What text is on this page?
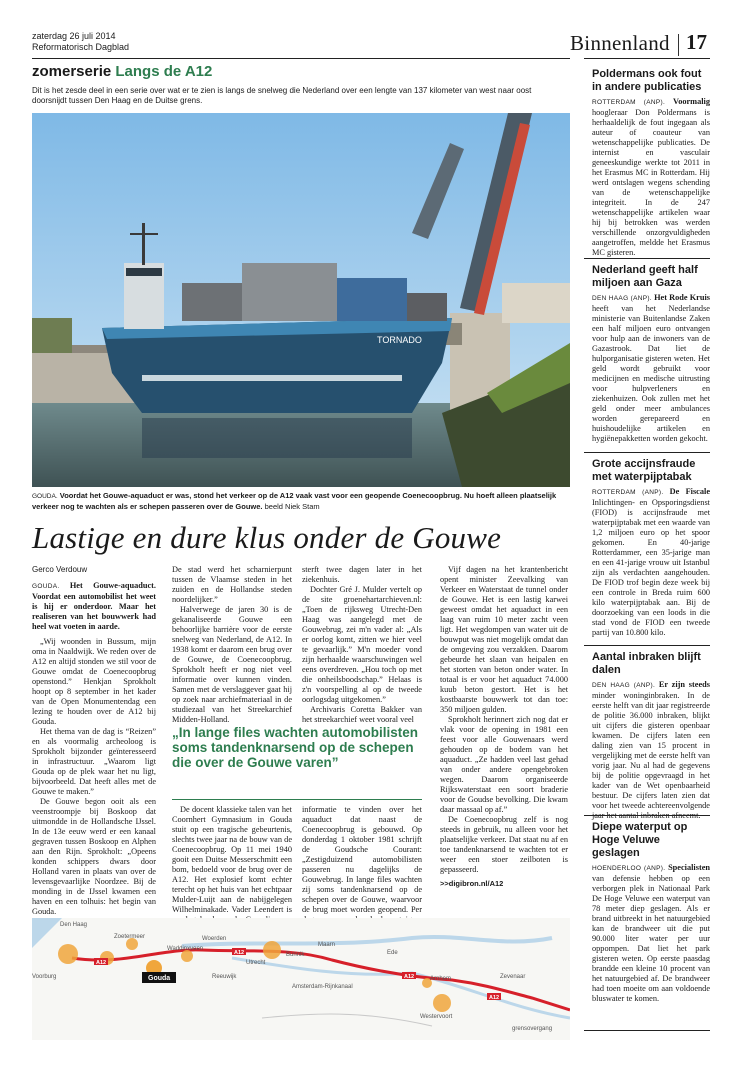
zaterdag 26 juli 2014
Reformatorisch Dagblad	Binnenland 17
zomerserie Langs de A12
Dit is het zesde deel in een serie over wat er te zien is langs de snelweg die Nederland over een lengte van 137 kilometer van west naar oost doorsnijdt tussen Den Haag en de Duitse grens.
TORNADO
GOUDA. Voordat het Gouwe-aquaduct er was, stond het verkeer op de A12 vaak vast voor een geopende Coenecoopbrug. Nu hoeft alleen plaatselijk verkeer nog te wachten als er schepen passeren over de Gouwe. beeld Niek Stam
Lastige en dure klus onder de Gouwe

Gerco Verdouw

GOUDA. Het Gouwe-aquaduct. Voordat een automobilist het weet is hij er onderdoor. Maar het realiseren van het bouwwerk had heel wat voeten in aarde.

„Wij woonden in Bussum, mijn oma in Naaldwijk. We reden over de A12 en altijd stonden we stil voor de Gouwe omdat de Coenecoopbrug openstond.” Henkjan Sprokholt hoopt op 8 september in het kader van de Open Monumentendag een lezing te houden over de A12 bij Gouda.

Het thema van de dag is “Reizen” en als voormalig archeoloog is Sprokholt bijzonder geïnteresseerd in infrastructuur. „Waarom ligt Gouda op de plek waar het nu ligt, bijvoorbeeld. Dat heeft alles met de Gouwe te maken.”

De Gouwe begon ooit als een veenstroompje bij Boskoop dat uitmondde in de Hollandsche IJssel. In de 13e eeuw werd er een kanaal gegraven tussen Boskoop en Alphen aan den Rijn. Sprokholt: „Opeens konden schippers dwars door Holland varen in plaats van over de levensgevaarlijke Noordzee. Bij de monding in de IJssel kwamen een haven en een tolhuis: het begin van Gouda.

De stad werd het scharnierpunt tussen de Vlaamse steden in het zuiden en de Hollandse steden noordelijker.”

Halverwege de jaren 30 is de gekanaliseerde Gouwe een behoorlijke barrière voor de eerste snelweg van Nederland, de A12. In 1938 komt er daarom een brug over de Gouwe, de Coenecoopbrug. Sprokholt heeft er nog niet veel informatie over kunnen vinden. Samen met de verslaggever gaat hij op zoek naar archiefmateriaal in de studiezaal van het Streekarchief Midden-Holland.

sterft twee dagen later in het ziekenhuis.

Dochter Gré J. Mulder vertelt op de site groenehartarchieven.nl: „Toen de rijksweg Utrecht-Den Haag was aangelegd met de Gouwebrug, zei m'n vader al: „Als er oorlog komt, zitten we hier veel te gevaarlijk.” M'n moeder vond zijn herhaalde waarschuwingen wel eens overdreven. „Hou toch op met die onheilsboodschap.” Helaas is z'n voorspelling al op de tweede oorlogsdag uitgekomen.”

Archivaris Coretta Bakker van het streekarchief weet vooral veel

„In lange files wachten automobilisten soms tandenknarsend op de schepen die over de Gouwe varen”

De docent klassieke talen van het Coornhert Gymnasium in Gouda stuit op een tragische gebeurtenis, slechts twee jaar na de bouw van de Coenecoopbrug. Op 11 mei 1940 gooit een Duitse Messerschmitt een bom, bedoeld voor de brug over de A12. Het explosief komt echter terecht op het huis van het echtpaar Mulder-Luijt aan de nabijgelegen Wilhelminakade. Vader Leendert is

informatie te vinden over het aquaduct dat naast de Coenecoopbrug is gebouwd. Op donderdag 1 oktober 1981 schrijft de Goudsche Courant: „Zestigduizend automobilisten passeren nu dagelijks de Gouwebrug. In lange files wachten zij soms tandenknarsend op de schepen over de Gouwe, waarvoor de brug moet worden geopend. Per

Vijf dagen na het krantenbericht opent minister Zeevalking van Verkeer en Waterstaat de tunnel onder de Gouwe. Het is een lastig karwei geweest omdat het aquaduct in een laag van ruim 10 meter zacht veen ligt. Het wegdompen van water uit de bouwput was niet mogelijk omdat dan de omgeving zou verzakken. Daarom gebeurde het slaan van heipalen en het storten van beton onder water. In totaal is er voor het aquaduct 74.000 kuub beton gestort. Het is het kostbaarste bouwwerk tot dan toe: 350 miljoen gulden.

Sprokholt herinnert zich nog dat er vlak voor de opening in 1981 een feest voor alle Gouwenaars werd gehouden op de bodem van het aquaduct. „Ze hadden veel last gehad van onder andere opengebroken wegen. Daarom organiseerde Rijkswaterstaat een soort braderie voor de Goudse bevolking. Die kwam daar massaal op af.”

De Coenecoopbrug zelf is nog steeds in gebruik, nu alleen voor het plaatselijke verkeer. Dat staat nu af en toe tandenknarsend te wachten tot er weer een stoer zeilboten is gepasseerd.

>>digibron.nl/A12

Den Haag
Voorburg
Zoetermeer
Waddinxveen
Woerden
Bunnik
Maarn
Reeuwijk
Ede
Arnhem
Westervoort
Amsterdam-Rijnkanaal
grensovergang
Utrecht
Zevenaar
A12
A12
A12
A12
Gouda
Poldermans ook fout in andere publicaties

ROTTERDAM (ANP). Voormalig hoogleraar Don Poldermans is herhaaldelijk de fout ingegaan als auteur of coauteur van wetenschappelijke publicaties. De internist en vasculair geneeskundige werkte tot 2011 in het Erasmus MC in Rotterdam. Hij werd ontslagen wegens schending van de wetenschappelijke integriteit. In de 247 wetenschappelijke artikelen waar hij bij betrokken was werden verschillende onzorgvuldigheden aangetroffen, meldde het Erasmus MC gisteren.

Nederland geeft half miljoen aan Gaza

DEN HAAG (ANP). Het Rode Kruis heeft van het Nederlandse ministerie van Buitenlandse Zaken een half miljoen euro ontvangen voor hulp aan de inwoners van de Gazastrook. Dat liet de hulporganisatie gisteren weten. Het geld wordt gebruikt voor medicijnen en medische uitrusting voor hulpverleners en ziekenhuizen. Ook zullen met het geld onder meer ambulances worden gerepareerd en huishoudelijke artikelen en hygiënepakketten worden gekocht.

Grote accijnsfraude met waterpijptabak

ROTTERDAM (ANP). De Fiscale Inlichtingen- en Opsporingsdienst (FIOD) is accijnsfraude met waterpijptabak met een waarde van 1,2 miljoen euro op het spoor gekomen. En 40-jarige Rotterdammer, een 35-jarige man en een 41-jarige vrouw uit Istanbul zijn als verdachten aangehouden. De FIOD trof begin deze week bij een controle in Breda ruim 600 kilo waterpijptabak aan. Bij de doorzoeking van een loods in die stad vond de FIOD een tweede partij van 10.800 kilo.

Aantal inbraken blijft dalen

DEN HAAG (ANP). Er zijn steeds minder woninginbraken. In de eerste helft van dit jaar registreerde de politie 36.000 inbraken, blijkt uit cijfers die gisteren openbaar kwamen. De cijfers laten een daling zien van 15 procent in vergelijking met de eerste helft van vorig jaar. Nu al had de gegevens bij de politie opgevraagd in het kader van de Wet openbaarheid bestuur. De cijfers laten zien dat voor het tweede achtereenvolgende

Diepe waterput op Hoge Veluwe geslagen

HOENDERLOO (ANP). Specialisten van defensie hebben op een verborgen plek in Nationaal Park De Hoge Veluwe een waterput van 78 meter diep geslagen. Als er brand uitbreekt in het natuurgebied kan de brandweer uit die put 90.000 liter water per uur oppompen. Dat liet het park gisteren weten. Op eerste paasdag brandde een kleine 10 procent van het natuurgebied af. De brandweer had toen moeite om aan voldoende bluswater te komen.
